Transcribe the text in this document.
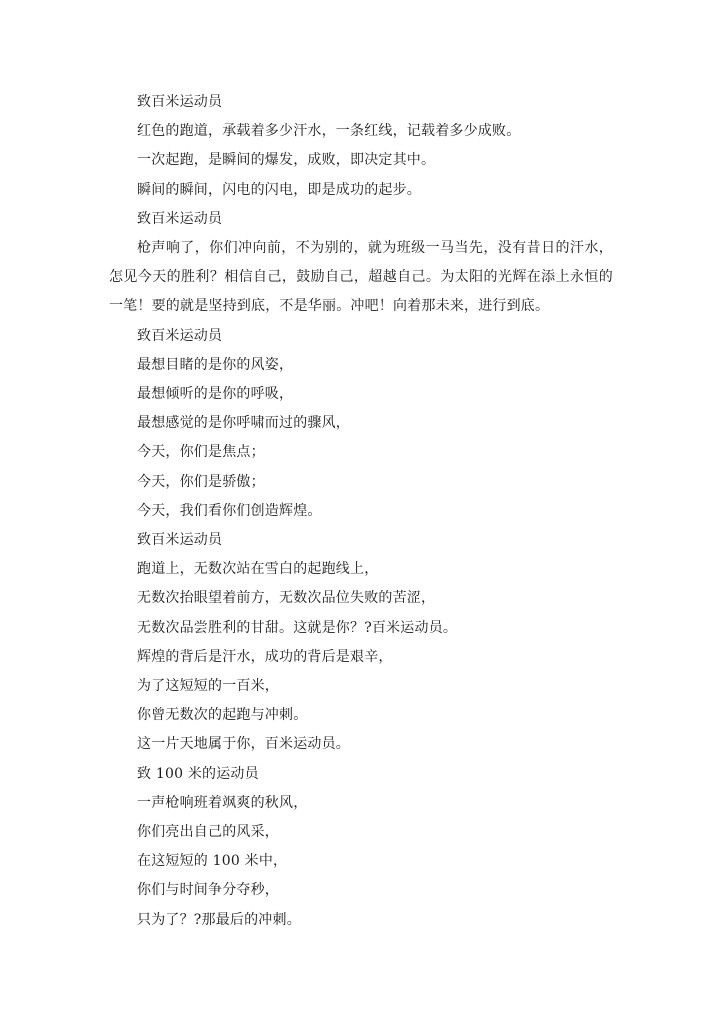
致百米运动员
红色的跑道，承载着多少汗水，一条红线，记载着多少成败。
一次起跑，是瞬间的爆发，成败，即决定其中。
瞬间的瞬间，闪电的闪电，即是成功的起步。
致百米运动员
枪声响了，你们冲向前，不为别的，就为班级一马当先，没有昔日的汗水，怎见今天的胜利？相信自己，鼓励自己，超越自己。为太阳的光辉在添上永恒的一笔！要的就是坚持到底，不是华丽。冲吧！向着那未来，进行到底。
致百米运动员
最想目睹的是你的风姿，
最想倾听的是你的呼吸，
最想感觉的是你呼啸而过的骤风，
今天，你们是焦点；
今天，你们是骄傲；
今天，我们看你们创造辉煌。
致百米运动员
跑道上，无数次站在雪白的起跑线上，
无数次抬眼望着前方，无数次品位失败的苦涩，
无数次品尝胜利的甘甜。这就是你？?百米运动员。
辉煌的背后是汗水，成功的背后是艰辛，
为了这短短的一百米，
你曾无数次的起跑与冲刺。
这一片天地属于你，百米运动员。
致 100 米的运动员
一声枪响班着飒爽的秋风，
你们亮出自己的风采，
在这短短的 100 米中，
你们与时间争分夺秒，
只为了？?那最后的冲刺。
